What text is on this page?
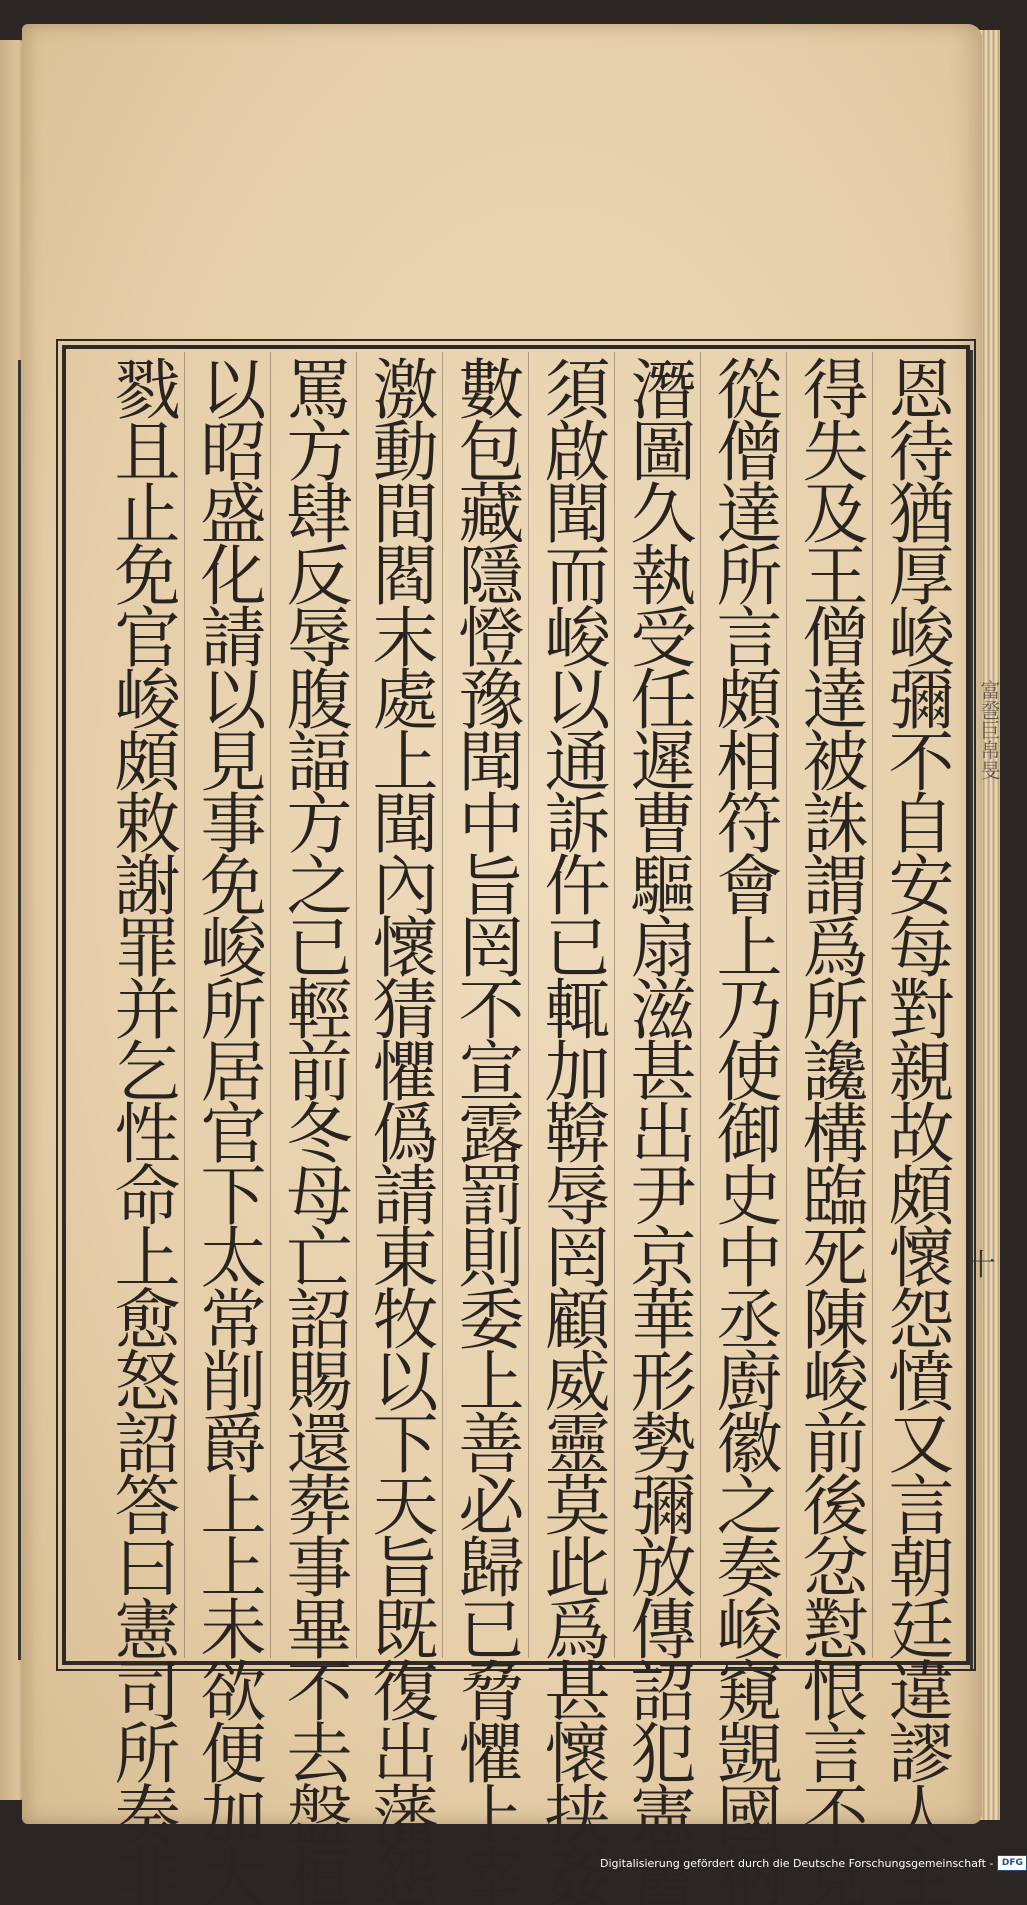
恩待猶厚峻彌不自安每對親故頗懷怨憤又言朝廷違謬人主
得失及王僧達被誅謂爲所讒構臨死陳峻前後忿懟恨言不見
從僧達所言頗相符會上乃使御史中丞廚徽之奏峻窺覬國柄
潛圖久執受任遲曹驅扇滋甚出尹京華形勢彌放傳詔犯憲舊
須啟聞而峻以通訴仵已輒加鞥辱罔顧威靈莫此爲甚懷挟姦
數包藏隱憕豫聞中旨罔不宣露罰則委上善必歸已脅懼上宰
激動間閻末處上聞內懷猜懼僞請東牧以下天旨既復出藩怨
罵方肆反辱腹諨方之已輕前冬母亡詔賜還葬事畢不去盤桓
以昭盛化請以見事免峻所居官下太常削爵上上未欲便加大
戮且止免官峻頗敕謝罪并乞性命上愈怒詔答曰憲司所奏非	富巹巨帛旻
十
Digitalisierung gefördert durch die Deutsche Forschungsgemeinschaft - DFG
